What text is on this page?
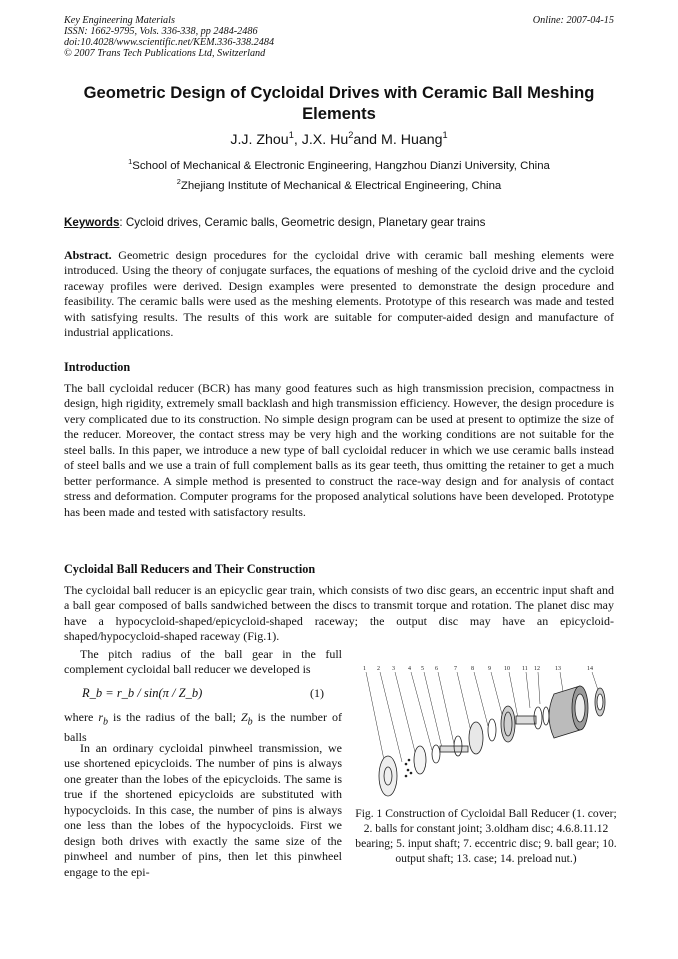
Key Engineering Materials
ISSN: 1662-9795, Vols. 336-338, pp 2484-2486
doi:10.4028/www.scientific.net/KEM.336-338.2484
© 2007 Trans Tech Publications Ltd, Switzerland
Online: 2007-04-15
Geometric Design of Cycloidal Drives with Ceramic Ball Meshing Elements
J.J. Zhou$^1$, J.X. Hu$^2$and M. Huang$^1$
$^1$School of Mechanical & Electronic Engineering, Hangzhou Dianzi University, China
$^2$Zhejiang Institute of Mechanical & Electrical Engineering, China
Keywords: Cycloid drives, Ceramic balls, Geometric design, Planetary gear trains

Abstract. Geometric design procedures for the cycloidal drive with ceramic ball meshing elements were introduced. Using the theory of conjugate surfaces, the equations of meshing of the cycloid drive and the cycloid raceway profiles were derived. Design examples were presented to demonstrate the design procedure and feasibility. The ceramic balls were used as the meshing elements. Prototype of this research was made and tested with satisfying results. The results of this work are suitable for computer-aided design and manufacture of industrial applications.

Introduction

The ball cycloidal reducer (BCR) has many good features such as high transmission precision, compactness in design, high rigidity, extremely small backlash and high transmission efficiency. However, the design procedure is very complicated due to its construction. No simple design program can be used at present to optimize the size of the reducer. Moreover, the contact stress may be very high and the working conditions are not suitable for the steel balls. In this paper, we introduce a new type of ball cycloidal reducer in which we use ceramic balls instead of steel balls and we use a train of full complement balls as its gear teeth, thus omitting the retainer to get a much better performance. A simple method is presented to construct the race-way design and for analysis of contact stress and deformation. Computer programs for the proposed analytical solutions have been developed. Prototype has been made and tested with satisfactory results.

Cycloidal Ball Reducers and Their Construction

The cycloidal ball reducer is an epicyclic gear train, which consists of two disc gears, an eccentric input shaft and a ball gear composed of balls sandwiched between the discs to transmit torque and rotation. The planet disc may have a hypocycloid-shaped/epicycloid-shaped raceway; the output disc may have an epicycloid-shaped/hypocycloid-shaped raceway (Fig.1).

The pitch radius of the ball gear in the full complement cycloidal ball reducer we developed is

R_b = r_b / sin(π / Z_b)	(1)

where $r_b$ is the radius of the ball; $Z_b$ is the number of balls

In an ordinary cycloidal pinwheel transmission, we use shortened epicycloids. The number of pins is always one greater than the lobes of the epicycloids. The same is true if the shortened epicycloids are substituted with hypocycloids. In this case, the number of pins is always one less than the lobes of the hypocycloids. First we design both drives with exactly the same size of the pinwheel and number of pins, then let this pinwheel engage to the epi-

1 2 3 4 5 6	7 8 9 10 11 12	13	14
Fig. 1 Construction of Cycloidal Ball Reducer (1. cover; 2. balls for constant joint; 3.oldham disc; 4.6.8.11.12 bearing; 5. input shaft; 7. eccentric disc; 9. ball gear; 10. output shaft; 13. case; 14. preload nut.)
